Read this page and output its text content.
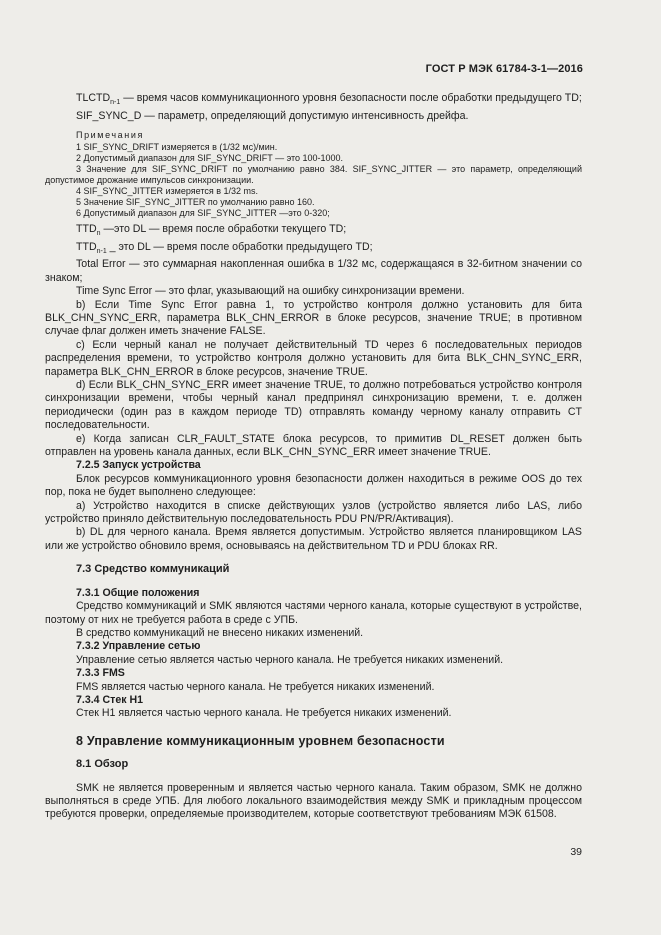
ГОСТ Р МЭК 61784-3-1—2016

$TLCTD_{n-1}$ — время часов коммуникационного уровня безопасности после обработки предыдущего TD;

SIF_SYNC_D — параметр, определяющий допустимую интенсивность дрейфа.

Примечания

1 SIF_SYNC_DRIFT измеряется в (1/32 мс)/мин.

2 Допустимый диапазон для SIF_SYNC_DRIFT — это 100-1000.

3 Значение для SIF_SYNC_DRIFT по умолчанию равно 384. SIF_SYNC_JITTER — это параметр, определяющий допустимое дрожание импульсов синхронизации.

4 SIF_SYNC_JITTER измеряется в 1/32 ms.

5 Значение SIF_SYNC_JITTER по умолчанию равно 160.

6 Допустимый диапазон для SIF_SYNC_JITTER —это 0-320;

$TTD_n$ —это DL — время после обработки текущего TD;

$TTD_{n-1}$ _ это DL — время после обработки предыдущего TD;

Total Error — это суммарная накопленная ошибка в 1/32 мс, содержащаяся в 32-битном значении со знаком;

Time Sync Error — это флаг, указывающий на ошибку синхронизации времени.

b) Если Time Sync Error равна 1, то устройство контроля должно установить для бита BLK_CHN_SYNC_ERR, параметра BLK_CHN_ERROR в блоке ресурсов, значение TRUE; в противном случае флаг должен иметь значение FALSE.

c) Если черный канал не получает действительный TD через 6 последовательных периодов распределения времени, то устройство контроля должно установить для бита BLK_CHN_SYNC_ERR, параметра BLK_CHN_ERROR в блоке ресурсов, значение TRUE.

d) Если BLK_CHN_SYNC_ERR имеет значение TRUE, то должно потребоваться устройство контроля синхронизации времени, чтобы черный канал предпринял синхронизацию времени, т. е. должен периодически (один раз в каждом периоде TD) отправлять команду черному каналу отправить CT последовательности.

e) Когда записан CLR_FAULT_STATE блока ресурсов, то примитив DL_RESET должен быть отправлен на уровень канала данных, если BLK_CHN_SYNC_ERR имеет значение TRUE.

7.2.5 Запуск устройства

Блок ресурсов коммуникационного уровня безопасности должен находиться в режиме OOS до тех пор, пока не будет выполнено следующее:

a) Устройство находится в списке действующих узлов (устройство является либо LAS, либо устройство приняло действительную последовательность PDU PN/PR/Активация).

b) DL для черного канала. Время является допустимым. Устройство является планировщиком LAS или же устройство обновило время, основываясь на действительном TD и PDU блоках RR.

7.3 Средство коммуникаций

7.3.1 Общие положения

Средство коммуникаций и SMK являются частями черного канала, которые существуют в устройстве, поэтому от них не требуется работа в среде с УПБ.

В средство коммуникаций не внесено никаких изменений.

7.3.2 Управление сетью

Управление сетью является частью черного канала. Не требуется никаких изменений.

7.3.3 FMS

FMS является частью черного канала. Не требуется никаких изменений.

7.3.4 Стек Н1

Стек Н1 является частью черного канала. Не требуется никаких изменений.

8 Управление коммуникационным уровнем безопасности

8.1 Обзор

SMK не является проверенным и является частью черного канала. Таким образом, SMK не должно выполняться в среде УПБ. Для любого локального взаимодействия между SMK и прикладным процессом требуются проверки, определяемые производителем, которые соответствуют требованиям МЭК 61508.

39
